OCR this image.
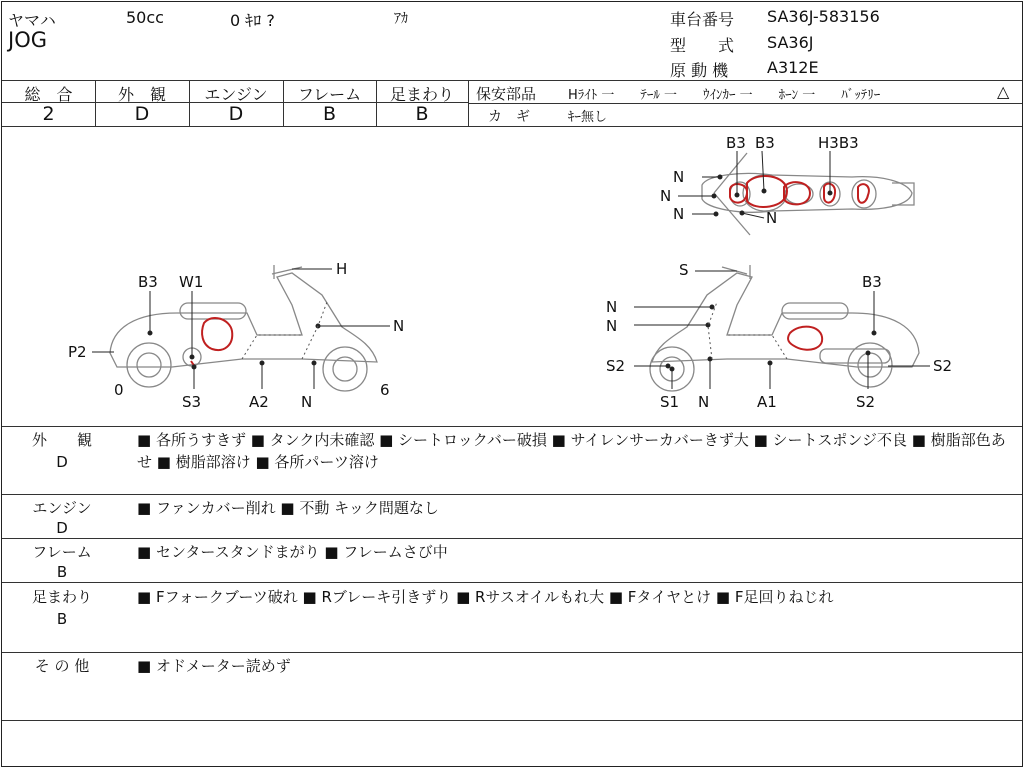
ヤマハ	50cc	0 ｷﾛ ?	ｱｶ
JOG
車台番号 SA36J-583156
型　　式 SA36J
原 動 機 A312E
総　合	外　観	エンジン	フレーム	足まわり
2	D	D	B	B
保安部品 Hﾗｲﾄ 一　　ﾃｰﾙ 一　　ｳｲﾝｶｰ 一　　ﾎｰﾝ 一　　ﾊﾞｯﾃﾘｰ	△
カ　ギ	ｷｰ無し
B3 B3	H3B3
N
N
N	N
H
B3 W1
N
P2
0	6
S3	A2 N
S
B3
N
N
S2	S2
S1 N	A1	S2
外　　観
D
■ 各所うすきず ■ タンク内未確認 ■ シートロックバー破損 ■ サイレンサーカバーきず大 ■ シートスポンジ不良 ■ 樹脂部色あせ ■ 樹脂部溶け ■ 各所パーツ溶け
エンジン
D
■ ファンカバー削れ ■ 不動 キック問題なし
フレーム
B
■ センタースタンドまがり ■ フレームさび中
足まわり
B
■ Fフォークブーツ破れ ■ Rブレーキ引きずり ■ Rサスオイルもれ大 ■ Fタイヤとけ ■ F足回りねじれ
そ の 他	■ オドメーター読めず
